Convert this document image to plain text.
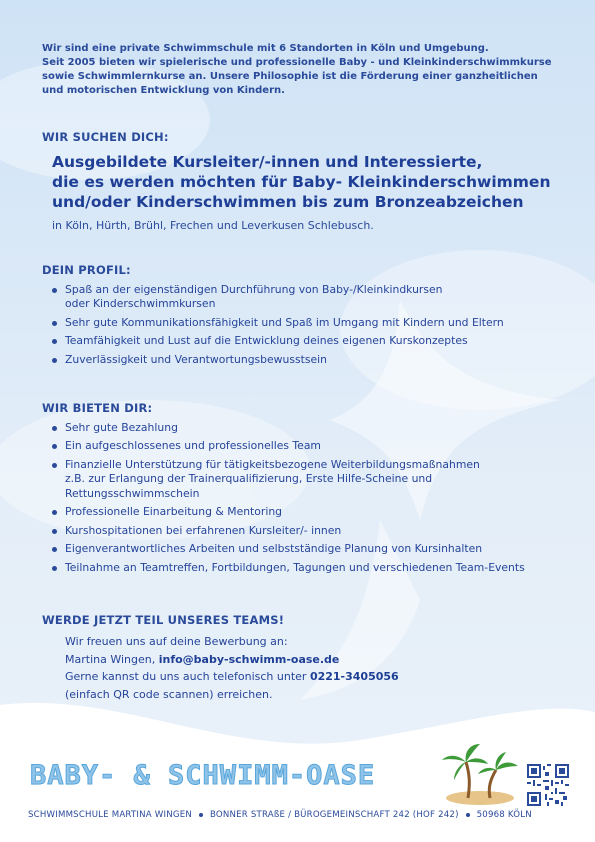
Wir sind eine private Schwimmschule mit 6 Standorten in Köln und Umgebung.
Seit 2005 bieten wir spielerische und professionelle Baby - und Kleinkinderschwimmkurse
sowie Schwimmlernkurse an. Unsere Philosophie ist die Förderung einer ganzheitlichen
und motorischen Entwicklung von Kindern.
WIR SUCHEN DICH:
Ausgebildete Kursleiter/-innen und Interessierte,
die es werden möchten für Baby- Kleinkinderschwimmen
und/oder Kinderschwimmen bis zum Bronzeabzeichen
in Köln, Hürth, Brühl, Frechen und Leverkusen Schlebusch.
DEIN PROFIL:
Spaß an der eigenständigen Durchführung von Baby-/Kleinkindkursen
oder Kinderschwimmkursen
Sehr gute Kommunikationsfähigkeit und Spaß im Umgang mit Kindern und Eltern
Teamfähigkeit und Lust auf die Entwicklung deines eigenen Kurskonzeptes
Zuverlässigkeit und Verantwortungsbewusstsein
WIR BIETEN DIR:
Sehr gute Bezahlung
Ein aufgeschlossenes und professionelles Team
Finanzielle Unterstützung für tätigkeitsbezogene Weiterbildungsmaßnahmen
z.B. zur Erlangung der Trainerqualifizierung, Erste Hilfe-Scheine und
Rettungsschwimmschein
Professionelle Einarbeitung & Mentoring
Kurshospitationen bei erfahrenen Kursleiter/- innen
Eigenverantwortliches Arbeiten und selbstständige Planung von Kursinhalten
Teilnahme an Teamtreffen, Fortbildungen, Tagungen und verschiedenen Team-Events
WERDE JETZT TEIL UNSERES TEAMS!
Wir freuen uns auf deine Bewerbung an:
Martina Wingen, info@baby-schwimm-oase.de
Gerne kannst du uns auch telefonisch unter 0221-3405056
(einfach QR code scannen) erreichen.
BABY- & SCHWIMM-OASE
SCHWIMMSCHULE MARTINA WINGEN BONNER STRAßE / BÜROGEMEINSCHAFT 242 (HOF 242) 50968 KÖLN
